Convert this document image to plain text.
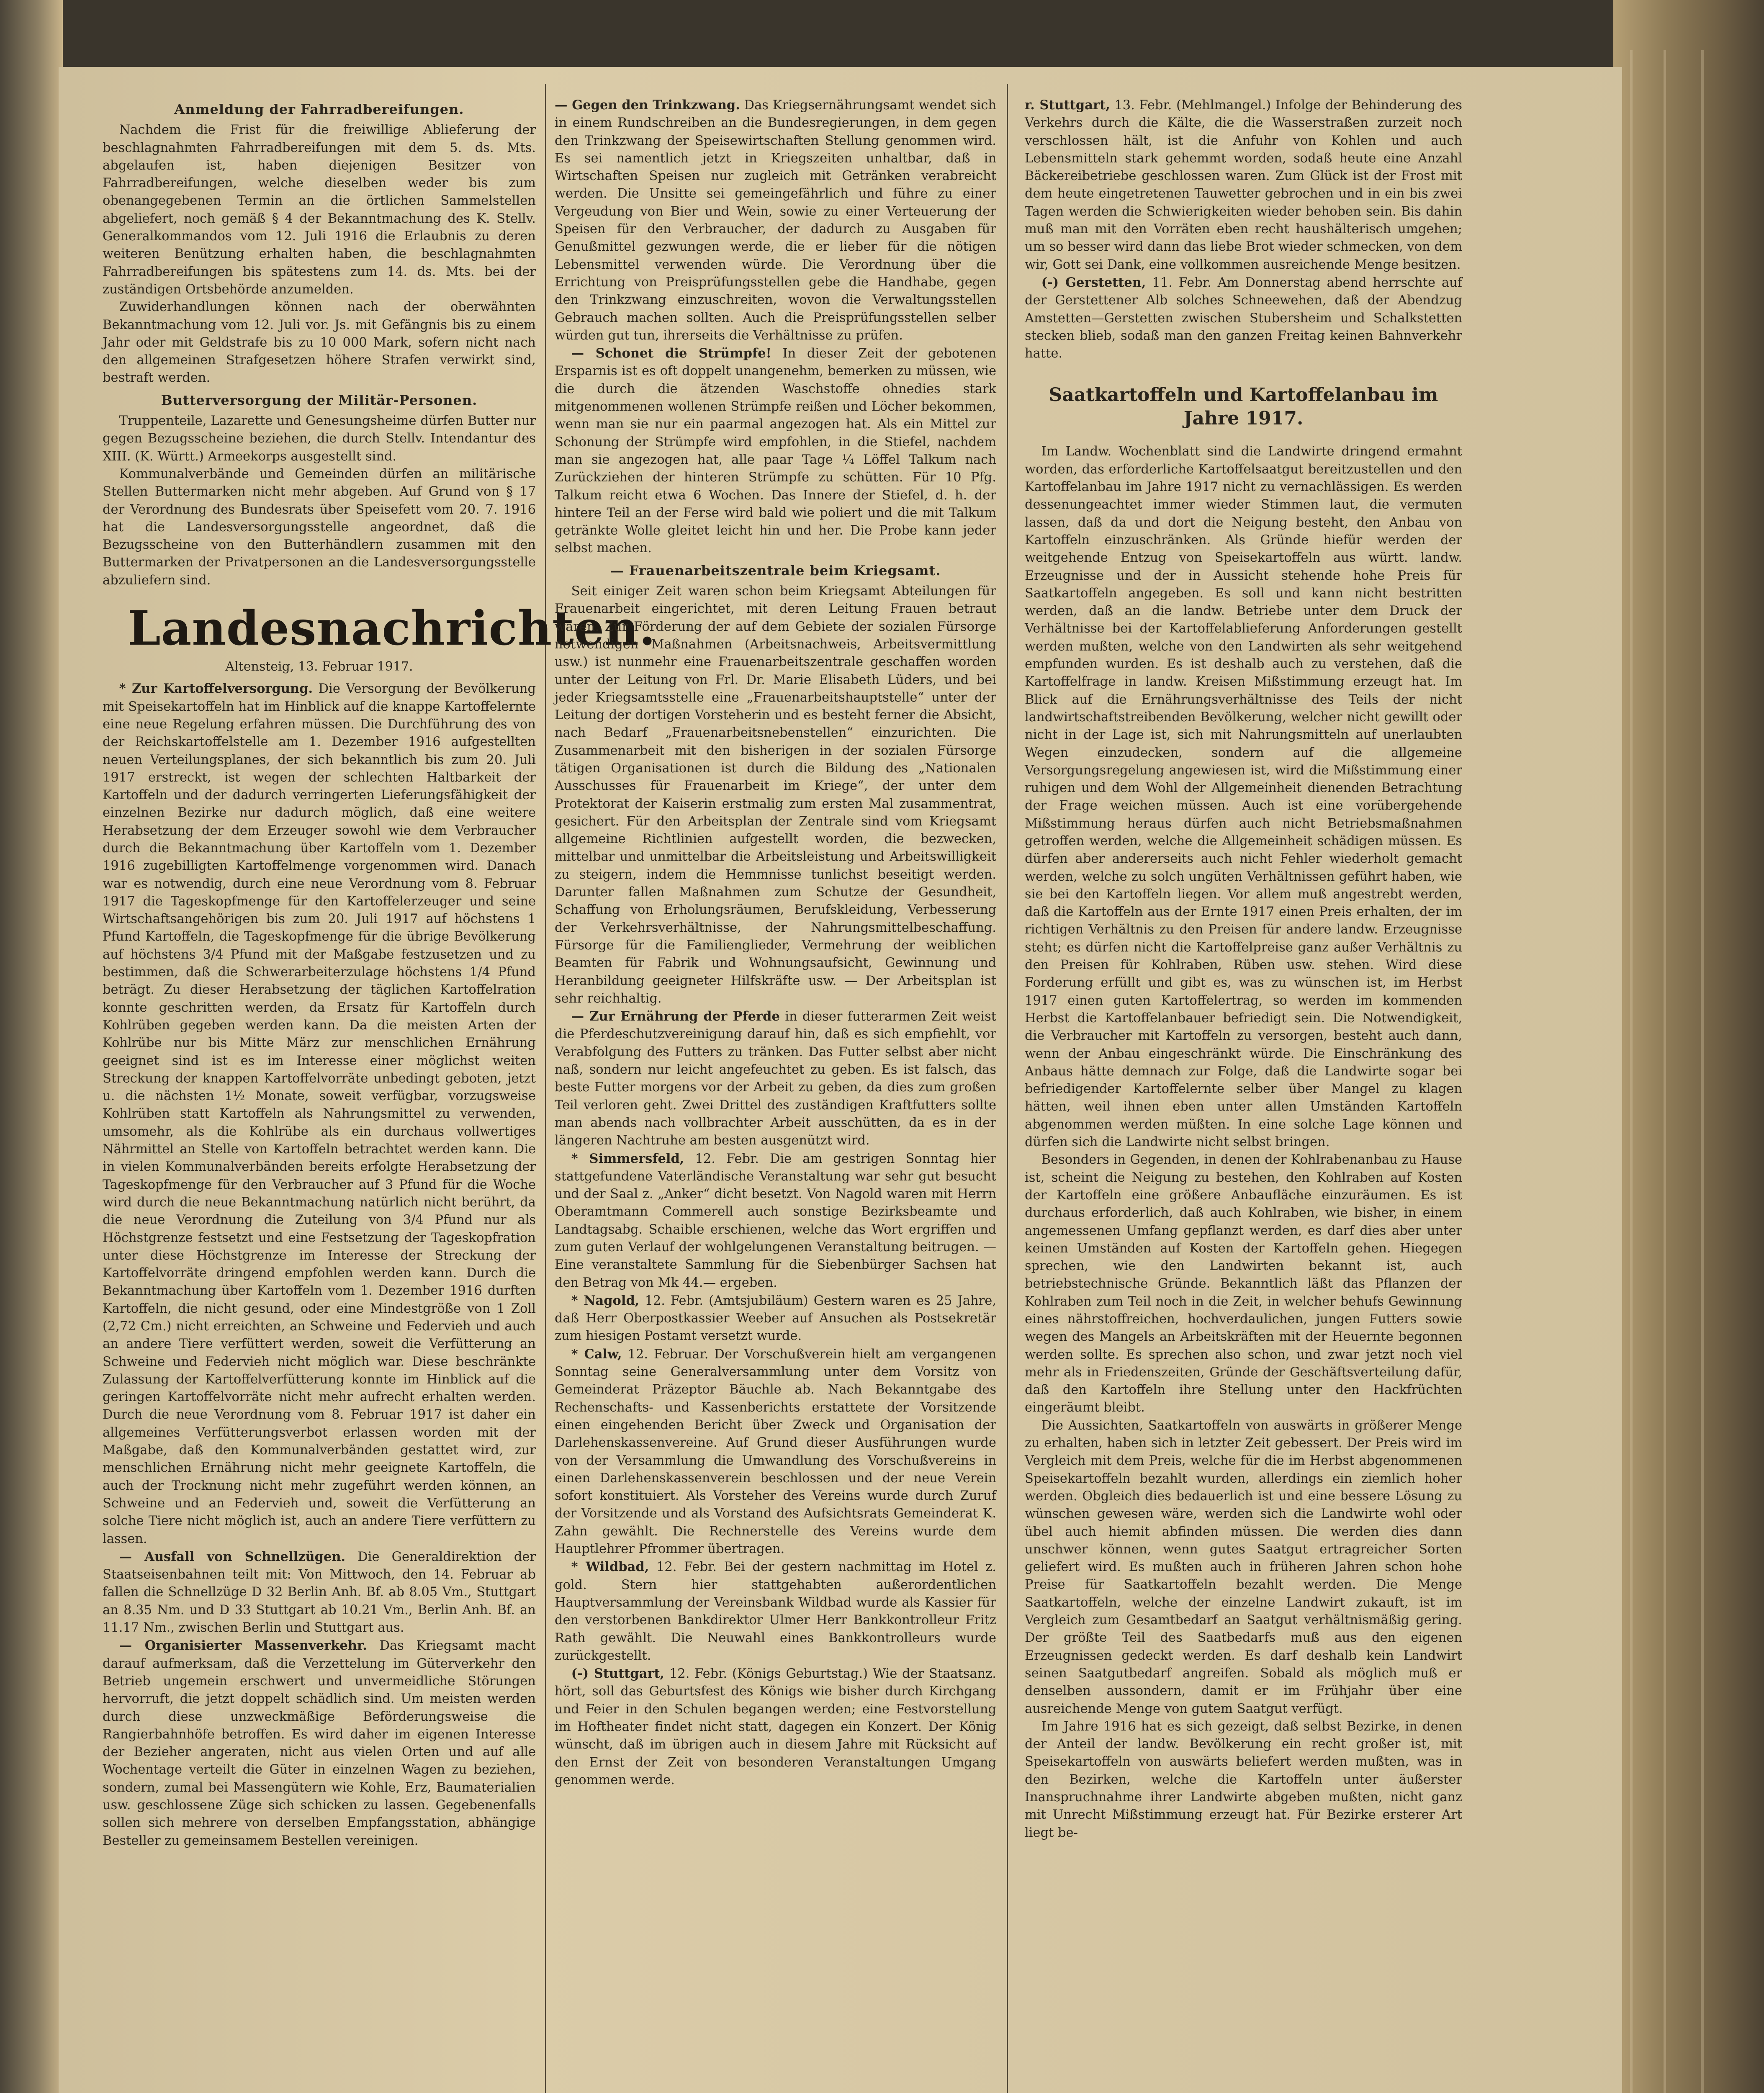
Anmeldung der Fahrradbereifungen.

Nachdem die Frist für die freiwillige Ablieferung der beschlagnahmten Fahrradbereifungen mit dem 5. ds. Mts. abgelaufen ist, haben diejenigen Besitzer von Fahrradbereifungen, welche dieselben weder bis zum obenangegebenen Termin an die örtlichen Sammelstellen abgeliefert, noch gemäß § 4 der Bekanntmachung des K. Stellv. Generalkommandos vom 12. Juli 1916 die Erlaubnis zu deren weiteren Benützung erhalten haben, die beschlagnahmten Fahrradbereifungen bis spätestens zum 14. ds. Mts. bei der zuständigen Ortsbehörde anzumelden.

Zuwiderhandlungen können nach der oberwähnten Bekanntmachung vom 12. Juli vor. Js. mit Gefängnis bis zu einem Jahr oder mit Geldstrafe bis zu 10 000 Mark, sofern nicht nach den allgemeinen Strafgesetzen höhere Strafen verwirkt sind, bestraft werden.

Butterversorgung der Militär-Personen.

Truppenteile, Lazarette und Genesungsheime dürfen Butter nur gegen Bezugsscheine beziehen, die durch Stellv. Intendantur des XIII. (K. Württ.) Armeekorps ausgestellt sind.

Kommunalverbände und Gemeinden dürfen an militärische Stellen Buttermarken nicht mehr abgeben. Auf Grund von § 17 der Verordnung des Bundesrats über Speisefett vom 20. 7. 1916 hat die Landesversorgungsstelle angeordnet, daß die Bezugsscheine von den Butterhändlern zusammen mit den Buttermarken der Privatpersonen an die Landesversorgungsstelle abzuliefern sind.

Landesnachrichten.
Altensteig, 13. Februar 1917.

* Zur Kartoffelversorgung. Die Versorgung der Bevölkerung mit Speisekartoffeln hat im Hinblick auf die knappe Kartoffelernte eine neue Regelung erfahren müssen. Die Durchführung des von der Reichskartoffelstelle am 1. Dezember 1916 aufgestellten neuen Verteilungsplanes, der sich bekanntlich bis zum 20. Juli 1917 erstreckt, ist wegen der schlechten Haltbarkeit der Kartoffeln und der dadurch verringerten Lieferungsfähigkeit der einzelnen Bezirke nur dadurch möglich, daß eine weitere Herabsetzung der dem Erzeuger sowohl wie dem Verbraucher durch die Bekanntmachung über Kartoffeln vom 1. Dezember 1916 zugebilligten Kartoffelmenge vorgenommen wird. Danach war es notwendig, durch eine neue Verordnung vom 8. Februar 1917 die Tageskopfmenge für den Kartoffelerzeuger und seine Wirtschaftsangehörigen bis zum 20. Juli 1917 auf höchstens 1 Pfund Kartoffeln, die Tageskopfmenge für die übrige Bevölkerung auf höchstens 3/4 Pfund mit der Maßgabe festzusetzen und zu bestimmen, daß die Schwerarbeiterzulage höchstens 1/4 Pfund beträgt. Zu dieser Herabsetzung der täglichen Kartoffelration konnte geschritten werden, da Ersatz für Kartoffeln durch Kohlrüben gegeben werden kann. Da die meisten Arten der Kohlrübe nur bis Mitte März zur menschlichen Ernährung geeignet sind ist es im Interesse einer möglichst weiten Streckung der knappen Kartoffelvorräte unbedingt geboten, jetzt u. die nächsten 1½ Monate, soweit verfügbar, vorzugsweise Kohlrüben statt Kartoffeln als Nahrungsmittel zu verwenden, umsomehr, als die Kohlrübe als ein durchaus vollwertiges Nährmittel an Stelle von Kartoffeln betrachtet werden kann. Die in vielen Kommunalverbänden bereits erfolgte Herabsetzung der Tageskopfmenge für den Verbraucher auf 3 Pfund für die Woche wird durch die neue Bekanntmachung natürlich nicht berührt, da die neue Verordnung die Zuteilung von 3/4 Pfund nur als Höchstgrenze festsetzt und eine Festsetzung der Tageskopfration unter diese Höchstgrenze im Interesse der Streckung der Kartoffelvorräte dringend empfohlen werden kann. Durch die Bekanntmachung über Kartoffeln vom 1. Dezember 1916 durften Kartoffeln, die nicht gesund, oder eine Mindestgröße von 1 Zoll (2,72 Cm.) nicht erreichten, an Schweine und Federvieh und auch an andere Tiere verfüttert werden, soweit die Verfütterung an Schweine und Federvieh nicht möglich war. Diese beschränkte Zulassung der Kartoffelverfütterung konnte im Hinblick auf die geringen Kartoffelvorräte nicht mehr aufrecht erhalten werden. Durch die neue Verordnung vom 8. Februar 1917 ist daher ein allgemeines Verfütterungsverbot erlassen worden mit der Maßgabe, daß den Kommunalverbänden gestattet wird, zur menschlichen Ernährung nicht mehr geeignete Kartoffeln, die auch der Trocknung nicht mehr zugeführt werden können, an Schweine und an Federvieh und, soweit die Verfütterung an solche Tiere nicht möglich ist, auch an andere Tiere verfüttern zu lassen.

— Ausfall von Schnellzügen. Die Generaldirektion der Staatseisenbahnen teilt mit: Von Mittwoch, den 14. Februar ab fallen die Schnellzüge D 32 Berlin Anh. Bf. ab 8.05 Vm., Stuttgart an 8.35 Nm. und D 33 Stuttgart ab 10.21 Vm., Berlin Anh. Bf. an 11.17 Nm., zwischen Berlin und Stuttgart aus.

— Organisierter Massenverkehr. Das Kriegsamt macht darauf aufmerksam, daß die Verzettelung im Güterverkehr den Betrieb ungemein erschwert und unvermeidliche Störungen hervorruft, die jetzt doppelt schädlich sind. Um meisten werden durch diese unzweckmäßige Beförderungsweise die Rangierbahnhöfe betroffen. Es wird daher im eigenen Interesse der Bezieher angeraten, nicht aus vielen Orten und auf alle Wochentage verteilt die Güter in einzelnen Wagen zu beziehen, sondern, zumal bei Massengütern wie Kohle, Erz, Baumaterialien usw. geschlossene Züge sich schicken zu lassen. Gegebenenfalls sollen sich mehrere von derselben Empfangsstation, abhängige Besteller zu gemeinsamem Bestellen vereinigen.

— Gegen den Trinkzwang. Das Kriegsernährungsamt wendet sich in einem Rundschreiben an die Bundesregierungen, in dem gegen den Trinkzwang der Speisewirtschaften Stellung genommen wird. Es sei namentlich jetzt in Kriegszeiten unhaltbar, daß in Wirtschaften Speisen nur zugleich mit Getränken verabreicht werden. Die Unsitte sei gemeingefährlich und führe zu einer Vergeudung von Bier und Wein, sowie zu einer Verteuerung der Speisen für den Verbraucher, der dadurch zu Ausgaben für Genußmittel gezwungen werde, die er lieber für die nötigen Lebensmittel verwenden würde. Die Verordnung über die Errichtung von Preisprüfungsstellen gebe die Handhabe, gegen den Trinkzwang einzuschreiten, wovon die Verwaltungsstellen Gebrauch machen sollten. Auch die Preisprüfungsstellen selber würden gut tun, ihrerseits die Verhältnisse zu prüfen.

— Schonet die Strümpfe! In dieser Zeit der gebotenen Ersparnis ist es oft doppelt unangenehm, bemerken zu müssen, wie die durch die ätzenden Waschstoffe ohnedies stark mitgenommenen wollenen Strümpfe reißen und Löcher bekommen, wenn man sie nur ein paarmal angezogen hat. Als ein Mittel zur Schonung der Strümpfe wird empfohlen, in die Stiefel, nachdem man sie angezogen hat, alle paar Tage ¼ Löffel Talkum nach Zurückziehen der hinteren Strümpfe zu schütten. Für 10 Pfg. Talkum reicht etwa 6 Wochen. Das Innere der Stiefel, d. h. der hintere Teil an der Ferse wird bald wie poliert und die mit Talkum getränkte Wolle gleitet leicht hin und her. Die Probe kann jeder selbst machen.

— Frauenarbeitszentrale beim Kriegsamt.

Seit einiger Zeit waren schon beim Kriegsamt Abteilungen für Frauenarbeit eingerichtet, mit deren Leitung Frauen betraut waren. Zur Förderung der auf dem Gebiete der sozialen Fürsorge notwendigen Maßnahmen (Arbeitsnachweis, Arbeitsvermittlung usw.) ist nunmehr eine Frauenarbeitszentrale geschaffen worden unter der Leitung von Frl. Dr. Marie Elisabeth Lüders, und bei jeder Kriegsamtsstelle eine „Frauenarbeitshauptstelle“ unter der Leitung der dortigen Vorsteherin und es besteht ferner die Absicht, nach Bedarf „Frauenarbeitsnebenstellen“ einzurichten. Die Zusammenarbeit mit den bisherigen in der sozialen Fürsorge tätigen Organisationen ist durch die Bildung des „Nationalen Ausschusses für Frauenarbeit im Kriege“, der unter dem Protektorat der Kaiserin erstmalig zum ersten Mal zusammentrat, gesichert. Für den Arbeitsplan der Zentrale sind vom Kriegsamt allgemeine Richtlinien aufgestellt worden, die bezwecken, mittelbar und unmittelbar die Arbeitsleistung und Arbeitswilligkeit zu steigern, indem die Hemmnisse tunlichst beseitigt werden. Darunter fallen Maßnahmen zum Schutze der Gesundheit, Schaffung von Erholungsräumen, Berufskleidung, Verbesserung der Verkehrsverhältnisse, der Nahrungsmittelbeschaffung. Fürsorge für die Familienglieder, Vermehrung der weiblichen Beamten für Fabrik und Wohnungsaufsicht, Gewinnung und Heranbildung geeigneter Hilfskräfte usw. — Der Arbeitsplan ist sehr reichhaltig.

— Zur Ernährung der Pferde in dieser futterarmen Zeit weist die Pferdeschutzvereinigung darauf hin, daß es sich empfiehlt, vor Verabfolgung des Futters zu tränken. Das Futter selbst aber nicht naß, sondern nur leicht angefeuchtet zu geben. Es ist falsch, das beste Futter morgens vor der Arbeit zu geben, da dies zum großen Teil verloren geht. Zwei Drittel des zuständigen Kraftfutters sollte man abends nach vollbrachter Arbeit ausschütten, da es in der längeren Nachtruhe am besten ausgenützt wird.

* Simmersfeld, 12. Febr. Die am gestrigen Sonntag hier stattgefundene Vaterländische Veranstaltung war sehr gut besucht und der Saal z. „Anker“ dicht besetzt. Von Nagold waren mit Herrn Oberamtmann Commerell auch sonstige Bezirksbeamte und Landtagsabg. Schaible erschienen, welche das Wort ergriffen und zum guten Verlauf der wohlgelungenen Veranstaltung beitrugen. — Eine veranstaltete Sammlung für die Siebenbürger Sachsen hat den Betrag von Mk 44.— ergeben.

* Nagold, 12. Febr. (Amtsjubiläum) Gestern waren es 25 Jahre, daß Herr Oberpostkassier Weeber auf Ansuchen als Postsekretär zum hiesigen Postamt versetzt wurde.

* Calw, 12. Februar. Der Vorschußverein hielt am vergangenen Sonntag seine Generalversammlung unter dem Vorsitz von Gemeinderat Präzeptor Bäuchle ab. Nach Bekanntgabe des Rechenschafts- und Kassenberichts erstattete der Vorsitzende einen eingehenden Bericht über Zweck und Organisation der Darlehenskassenvereine. Auf Grund dieser Ausführungen wurde von der Versammlung die Umwandlung des Vorschußvereins in einen Darlehenskassenverein beschlossen und der neue Verein sofort konstituiert. Als Vorsteher des Vereins wurde durch Zuruf der Vorsitzende und als Vorstand des Aufsichtsrats Gemeinderat K. Zahn gewählt. Die Rechnerstelle des Vereins wurde dem Hauptlehrer Pfrommer übertragen.

* Wildbad, 12. Febr. Bei der gestern nachmittag im Hotel z. gold. Stern hier stattgehabten außerordentlichen Hauptversammlung der Vereinsbank Wildbad wurde als Kassier für den verstorbenen Bankdirektor Ulmer Herr Bankkontrolleur Fritz Rath gewählt. Die Neuwahl eines Bankkontrolleurs wurde zurückgestellt.

(-) Stuttgart, 12. Febr. (Königs Geburtstag.) Wie der Staatsanz. hört, soll das Geburtsfest des Königs wie bisher durch Kirchgang und Feier in den Schulen begangen werden; eine Festvorstellung im Hoftheater findet nicht statt, dagegen ein Konzert. Der König wünscht, daß im übrigen auch in diesem Jahre mit Rücksicht auf den Ernst der Zeit von besonderen Veranstaltungen Umgang genommen werde.

r. Stuttgart, 13. Febr. (Mehlmangel.) Infolge der Behinderung des Verkehrs durch die Kälte, die die Wasserstraßen zurzeit noch verschlossen hält, ist die Anfuhr von Kohlen und auch Lebensmitteln stark gehemmt worden, sodaß heute eine Anzahl Bäckereibetriebe geschlossen waren. Zum Glück ist der Frost mit dem heute eingetretenen Tauwetter gebrochen und in ein bis zwei Tagen werden die Schwierigkeiten wieder behoben sein. Bis dahin muß man mit den Vorräten eben recht haushälterisch umgehen; um so besser wird dann das liebe Brot wieder schmecken, von dem wir, Gott sei Dank, eine vollkommen ausreichende Menge besitzen.

(-) Gerstetten, 11. Febr. Am Donnerstag abend herrschte auf der Gerstettener Alb solches Schneewehen, daß der Abendzug Amstetten—Gerstetten zwischen Stubersheim und Schalkstetten stecken blieb, sodaß man den ganzen Freitag keinen Bahnverkehr hatte.

Saatkartoffeln und Kartoffelanbau im Jahre 1917.

Im Landw. Wochenblatt sind die Landwirte dringend ermahnt worden, das erforderliche Kartoffelsaatgut bereitzustellen und den Kartoffelanbau im Jahre 1917 nicht zu vernachlässigen. Es werden dessenungeachtet immer wieder Stimmen laut, die vermuten lassen, daß da und dort die Neigung besteht, den Anbau von Kartoffeln einzuschränken. Als Gründe hiefür werden der weitgehende Entzug von Speisekartoffeln aus württ. landw. Erzeugnisse und der in Aussicht stehende hohe Preis für Saatkartoffeln angegeben. Es soll und kann nicht bestritten werden, daß an die landw. Betriebe unter dem Druck der Verhältnisse bei der Kartoffelablieferung Anforderungen gestellt werden mußten, welche von den Landwirten als sehr weitgehend empfunden wurden. Es ist deshalb auch zu verstehen, daß die Kartoffelfrage in landw. Kreisen Mißstimmung erzeugt hat. Im Blick auf die Ernährungsverhältnisse des Teils der nicht landwirtschaftstreibenden Bevölkerung, welcher nicht gewillt oder nicht in der Lage ist, sich mit Nahrungsmitteln auf unerlaubten Wegen einzudecken, sondern auf die allgemeine Versorgungsregelung angewiesen ist, wird die Mißstimmung einer ruhigen und dem Wohl der Allgemeinheit dienenden Betrachtung der Frage weichen müssen. Auch ist eine vorübergehende Mißstimmung heraus dürfen auch nicht Betriebsmaßnahmen getroffen werden, welche die Allgemeinheit schädigen müssen. Es dürfen aber andererseits auch nicht Fehler wiederholt gemacht werden, welche zu solch ungüten Verhältnissen geführt haben, wie sie bei den Kartoffeln liegen. Vor allem muß angestrebt werden, daß die Kartoffeln aus der Ernte 1917 einen Preis erhalten, der im richtigen Verhältnis zu den Preisen für andere landw. Erzeugnisse steht; es dürfen nicht die Kartoffelpreise ganz außer Verhältnis zu den Preisen für Kohlraben, Rüben usw. stehen. Wird diese Forderung erfüllt und gibt es, was zu wünschen ist, im Herbst 1917 einen guten Kartoffelertrag, so werden im kommenden Herbst die Kartoffelanbauer befriedigt sein. Die Notwendigkeit, die Verbraucher mit Kartoffeln zu versorgen, besteht auch dann, wenn der Anbau eingeschränkt würde. Die Einschränkung des Anbaus hätte demnach zur Folge, daß die Landwirte sogar bei befriedigender Kartoffelernte selber über Mangel zu klagen hätten, weil ihnen eben unter allen Umständen Kartoffeln abgenommen werden müßten. In eine solche Lage können und dürfen sich die Landwirte nicht selbst bringen.

Besonders in Gegenden, in denen der Kohlrabenanbau zu Hause ist, scheint die Neigung zu bestehen, den Kohlraben auf Kosten der Kartoffeln eine größere Anbaufläche einzuräumen. Es ist durchaus erforderlich, daß auch Kohlraben, wie bisher, in einem angemessenen Umfang gepflanzt werden, es darf dies aber unter keinen Umständen auf Kosten der Kartoffeln gehen. Hiegegen sprechen, wie den Landwirten bekannt ist, auch betriebstechnische Gründe. Bekanntlich läßt das Pflanzen der Kohlraben zum Teil noch in die Zeit, in welcher behufs Gewinnung eines nährstoffreichen, hochverdaulichen, jungen Futters sowie wegen des Mangels an Arbeitskräften mit der Heuernte begonnen werden sollte. Es sprechen also schon, und zwar jetzt noch viel mehr als in Friedenszeiten, Gründe der Geschäftsverteilung dafür, daß den Kartoffeln ihre Stellung unter den Hackfrüchten eingeräumt bleibt.

Die Aussichten, Saatkartoffeln von auswärts in größerer Menge zu erhalten, haben sich in letzter Zeit gebessert. Der Preis wird im Vergleich mit dem Preis, welche für die im Herbst abgenommenen Speisekartoffeln bezahlt wurden, allerdings ein ziemlich hoher werden. Obgleich dies bedauerlich ist und eine bessere Lösung zu wünschen gewesen wäre, werden sich die Landwirte wohl oder übel auch hiemit abfinden müssen. Die werden dies dann unschwer können, wenn gutes Saatgut ertragreicher Sorten geliefert wird. Es mußten auch in früheren Jahren schon hohe Preise für Saatkartoffeln bezahlt werden. Die Menge Saatkartoffeln, welche der einzelne Landwirt zukauft, ist im Vergleich zum Gesamtbedarf an Saatgut verhältnismäßig gering. Der größte Teil des Saatbedarfs muß aus den eigenen Erzeugnissen gedeckt werden. Es darf deshalb kein Landwirt seinen Saatgutbedarf angreifen. Sobald als möglich muß er denselben aussondern, damit er im Frühjahr über eine ausreichende Menge von gutem Saatgut verfügt.

Im Jahre 1916 hat es sich gezeigt, daß selbst Bezirke, in denen der Anteil der landw. Bevölkerung ein recht großer ist, mit Speisekartoffeln von auswärts beliefert werden mußten, was in den Bezirken, welche die Kartoffeln unter äußerster Inanspruchnahme ihrer Landwirte abgeben mußten, nicht ganz mit Unrecht Mißstimmung erzeugt hat. Für Bezirke ersterer Art liegt be-
